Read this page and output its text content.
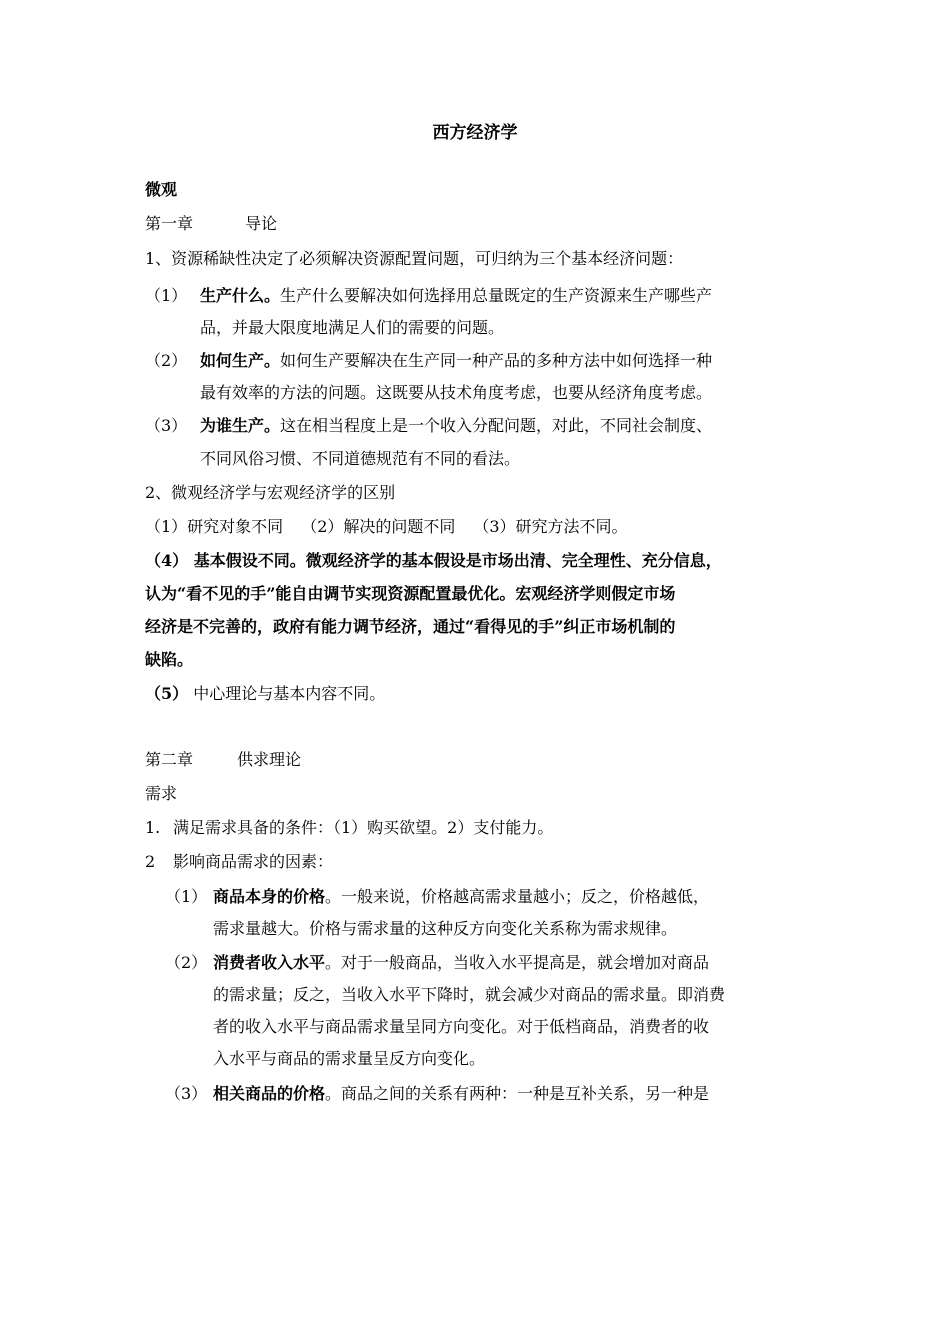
西方经济学
微观
第一章	导论
1、资源稀缺性决定了必须解决资源配置问题，可归纳为三个基本经济问题：
（1） 生产什么。生产什么要解决如何选择用总量既定的生产资源来生产哪些产
品，并最大限度地满足人们的需要的问题。
（2） 如何生产。如何生产要解决在生产同一种产品的多种方法中如何选择一种
最有效率的方法的问题。这既要从技术角度考虑，也要从经济角度考虑。
（3） 为谁生产。这在相当程度上是一个收入分配问题，对此，不同社会制度、
不同风俗习惯、不同道德规范有不同的看法。
2、微观经济学与宏观经济学的区别
（1）研究对象不同 （2）解决的问题不同 （3）研究方法不同。
（4） 基本假设不同。微观经济学的基本假设是市场出清、完全理性、充分信息，
认为“看不见的手”能自由调节实现资源配置最优化。宏观经济学则假定市场
经济是不完善的，政府有能力调节经济，通过“看得见的手”纠正市场机制的
缺陷。
（5） 中心理论与基本内容不同。
第二章	供求理论
需求
1. 满足需求具备的条件：（1）购买欲望。2）支付能力。
2 影响商品需求的因素：
（1） 商品本身的价格。一般来说，价格越高需求量越小；反之，价格越低，
需求量越大。价格与需求量的这种反方向变化关系称为需求规律。
（2） 消费者收入水平。对于一般商品，当收入水平提高是，就会增加对商品
的需求量；反之，当收入水平下降时，就会减少对商品的需求量。即消费
者的收入水平与商品需求量呈同方向变化。对于低档商品，消费者的收
入水平与商品的需求量呈反方向变化。
（3） 相关商品的价格。商品之间的关系有两种：一种是互补关系，另一种是
